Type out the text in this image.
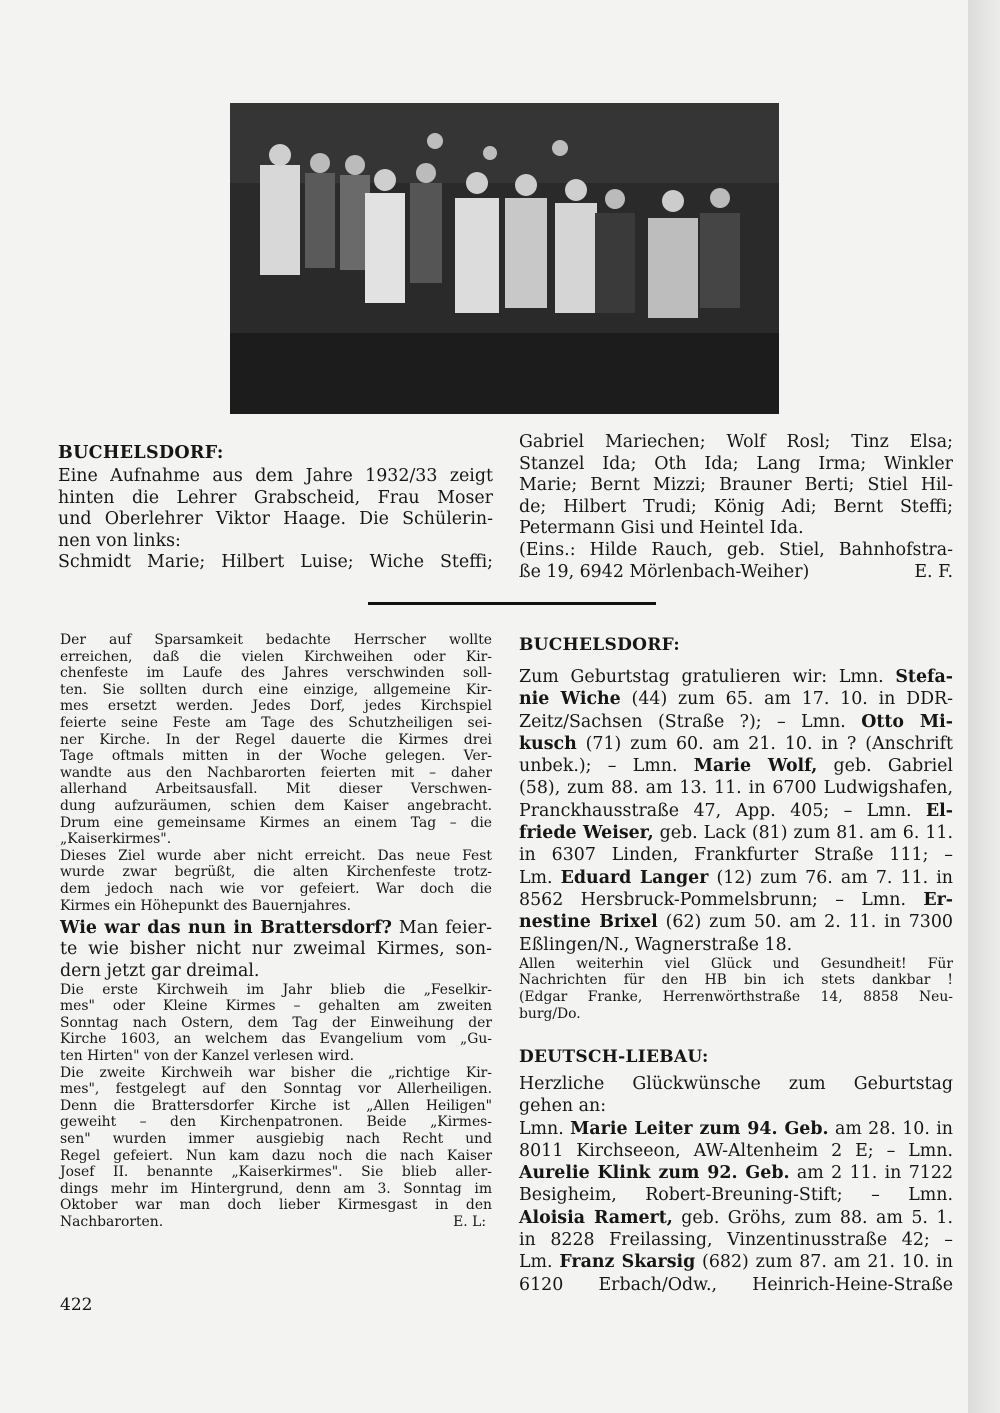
BUCHELSDORF:
Eine Aufnahme aus dem Jahre 1932/33 zeigt
hinten die Lehrer Grabscheid, Frau Moser
und Oberlehrer Viktor Haage. Die Schülerin-
nen von links:
Schmidt Marie; Hilbert Luise; Wiche Steffi;
Gabriel Mariechen; Wolf Rosl; Tinz Elsa;
Stanzel Ida; Oth Ida; Lang Irma; Winkler
Marie; Bernt Mizzi; Brauner Berti; Stiel Hil-
de; Hilbert Trudi; König Adi; Bernt Steffi;
Petermann Gisi und Heintel Ida.
(Eins.: Hilde Rauch, geb. Stiel, Bahnhofstra-
ße 19, 6942 Mörlenbach-Weiher)	E. F.
Der auf Sparsamkeit bedachte Herrscher wollte
erreichen, daß die vielen Kirchweihen oder Kir-
chenfeste im Laufe des Jahres verschwinden soll-
ten. Sie sollten durch eine einzige, allgemeine Kir-
mes ersetzt werden. Jedes Dorf, jedes Kirchspiel
feierte seine Feste am Tage des Schutzheiligen sei-
ner Kirche. In der Regel dauerte die Kirmes drei
Tage oftmals mitten in der Woche gelegen. Ver-
wandte aus den Nachbarorten feierten mit – daher
allerhand Arbeitsausfall. Mit dieser Verschwen-
dung aufzuräumen, schien dem Kaiser angebracht.
Drum eine gemeinsame Kirmes an einem Tag – die
„Kaiserkirmes".
Dieses Ziel wurde aber nicht erreicht. Das neue Fest
wurde zwar begrüßt, die alten Kirchenfeste trotz-
dem jedoch nach wie vor gefeiert. War doch die
Kirmes ein Höhepunkt des Bauernjahres.
Wie war das nun in Brattersdorf? Man feier-
te wie bisher nicht nur zweimal Kirmes, son-
dern jetzt gar dreimal.
Die erste Kirchweih im Jahr blieb die „Feselkir-
mes" oder Kleine Kirmes – gehalten am zweiten
Sonntag nach Ostern, dem Tag der Einweihung der
Kirche 1603, an welchem das Evangelium vom „Gu-
ten Hirten" von der Kanzel verlesen wird.
Die zweite Kirchweih war bisher die „richtige Kir-
mes", festgelegt auf den Sonntag vor Allerheiligen.
Denn die Brattersdorfer Kirche ist „Allen Heiligen"
geweiht – den Kirchenpatronen. Beide „Kirmes-
sen" wurden immer ausgiebig nach Recht und
Regel gefeiert. Nun kam dazu noch die nach Kaiser
Josef II. benannte „Kaiserkirmes". Sie blieb aller-
dings mehr im Hintergrund, denn am 3. Sonntag im
Oktober war man doch lieber Kirmesgast in den
Nachbarorten.	E. L:
BUCHELSDORF:
Zum Geburtstag gratulieren wir: Lmn. Stefa-
nie Wiche (44) zum 65. am 17. 10. in DDR-
Zeitz/Sachsen (Straße ?); – Lmn. Otto Mi-
kusch (71) zum 60. am 21. 10. in ? (Anschrift
unbek.); – Lmn. Marie Wolf, geb. Gabriel
(58), zum 88. am 13. 11. in 6700 Ludwigshafen,
Pranckhausstraße 47, App. 405; – Lmn. El-
friede Weiser, geb. Lack (81) zum 81. am 6. 11.
in 6307 Linden, Frankfurter Straße 111; –
Lm. Eduard Langer (12) zum 76. am 7. 11. in
8562 Hersbruck-Pommelsbrunn; – Lmn. Er-
nestine Brixel (62) zum 50. am 2. 11. in 7300
Eßlingen/N., Wagnerstraße 18.
Allen weiterhin viel Glück und Gesundheit! Für
Nachrichten für den HB bin ich stets dankbar !
(Edgar Franke, Herrenwörthstraße 14, 8858 Neu-
burg/Do.
DEUTSCH-LIEBAU:
Herzliche Glückwünsche zum Geburtstag
gehen an:
Lmn. Marie Leiter zum 94. Geb. am 28. 10. in
8011 Kirchseeon, AW-Altenheim 2 E; – Lmn.
Aurelie Klink zum 92. Geb. am 2 11. in 7122
Besigheim, Robert-Breuning-Stift; – Lmn.
Aloisia Ramert, geb. Gröhs, zum 88. am 5. 1.
in 8228 Freilassing, Vinzentinusstraße 42; –
Lm. Franz Skarsig (682) zum 87. am 21. 10. in
6120 Erbach/Odw., Heinrich-Heine-Straße
422
